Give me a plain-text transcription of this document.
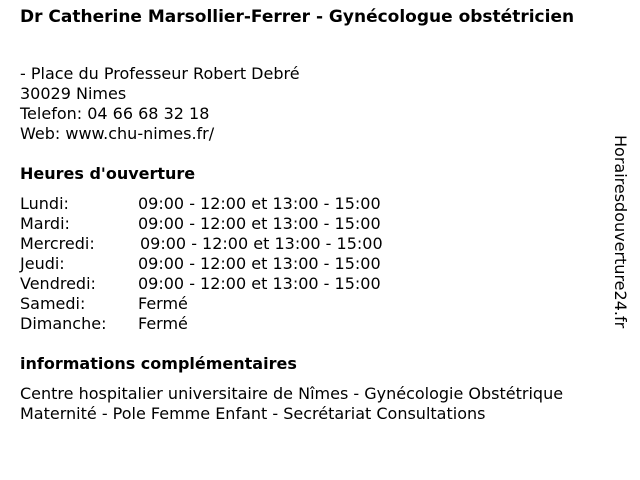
Dr Catherine Marsollier-Ferrer - Gynécologue obstétricien
- Place du Professeur Robert Debré
30029 Nimes
Telefon: 04 66 68 32 18
Web: www.chu-nimes.fr/
Heures d'ouverture
Lundi:	09:00 - 12:00 et 13:00 - 15:00
Mardi:	09:00 - 12:00 et 13:00 - 15:00
Mercredi:	09:00 - 12:00 et 13:00 - 15:00
Jeudi:	09:00 - 12:00 et 13:00 - 15:00
Vendredi:	09:00 - 12:00 et 13:00 - 15:00
Samedi:	Fermé
Dimanche: Fermé
informations complémentaires
Centre hospitalier universitaire de Nîmes - Gynécologie Obstétrique
Maternité - Pole Femme Enfant - Secrétariat Consultations
Horairesdouverture24.fr
